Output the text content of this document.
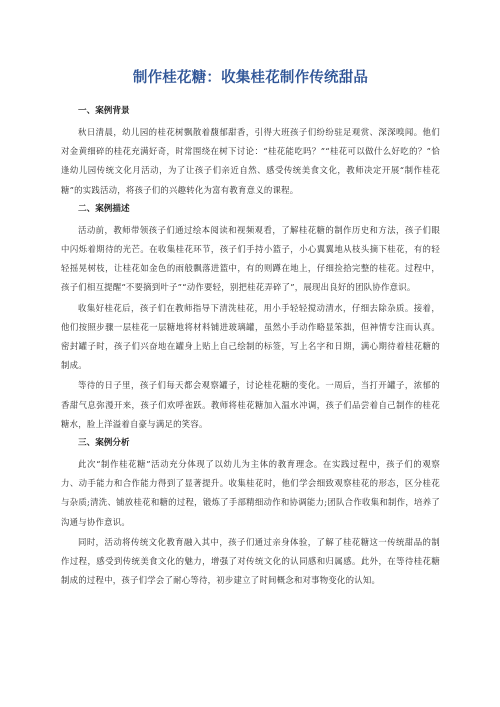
制作桂花糖：收集桂花制作传统甜品
一、案例背景

秋日清晨，幼儿园的桂花树飘散着馥郁甜香，引得大班孩子们纷纷驻足观赏、深深嗅闻。他们对金黄细碎的桂花充满好奇，时常围绕在树下讨论：“桂花能吃吗？”“桂花可以做什么好吃的？”恰逢幼儿园传统文化月活动，为了让孩子们亲近自然、感受传统美食文化，教师决定开展“制作桂花糖”的实践活动，将孩子们的兴趣转化为富有教育意义的课程。

二、案例描述

活动前，教师带领孩子们通过绘本阅读和视频观看，了解桂花糖的制作历史和方法，孩子们眼中闪烁着期待的光芒。在收集桂花环节，孩子们手持小篮子，小心翼翼地从枝头摘下桂花，有的轻轻摇晃树枝，让桂花如金色的雨般飘落进篮中，有的则蹲在地上，仔细捡拾完整的桂花。过程中，孩子们相互提醒“不要摘到叶子”“动作要轻，别把桂花弄碎了”，展现出良好的团队协作意识。

收集好桂花后，孩子们在教师指导下清洗桂花，用小手轻轻搅动清水，仔细去除杂质。接着，他们按照步骤一层桂花一层糖地将材料铺进玻璃罐，虽然小手动作略显笨拙，但神情专注而认真。密封罐子时，孩子们兴奋地在罐身上贴上自己绘制的标签，写上名字和日期，满心期待着桂花糖的制成。

等待的日子里，孩子们每天都会观察罐子，讨论桂花糖的变化。一周后，当打开罐子，浓郁的香甜气息弥漫开来，孩子们欢呼雀跃。教师将桂花糖加入温水冲调，孩子们品尝着自己制作的桂花糖水，脸上洋溢着自豪与满足的笑容。

三、案例分析

此次“制作桂花糖”活动充分体现了以幼儿为主体的教育理念。在实践过程中，孩子们的观察力、动手能力和合作能力得到了显著提升。收集桂花时，他们学会细致观察桂花的形态，区分桂花与杂质;清洗、铺放桂花和糖的过程，锻炼了手部精细动作和协调能力;团队合作收集和制作，培养了沟通与协作意识。

同时，活动将传统文化教育融入其中，孩子们通过亲身体验，了解了桂花糖这一传统甜品的制作过程，感受到传统美食文化的魅力，增强了对传统文化的认同感和归属感。此外，在等待桂花糖制成的过程中，孩子们学会了耐心等待，初步建立了时间概念和对事物变化的认知。
